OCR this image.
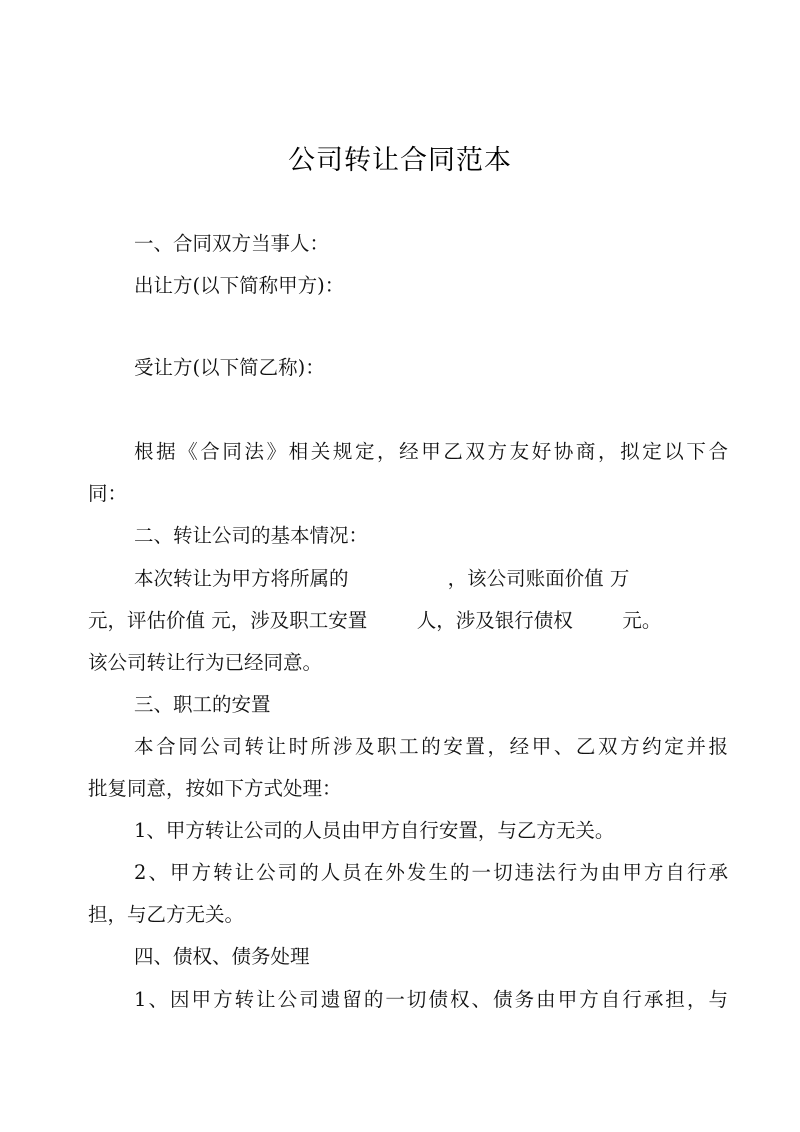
公司转让合同范本
一、合同双方当事人：
出让方(以下简称甲方)：
受让方(以下简乙称)：
根据《合同法》相关规定，经甲乙双方友好协商，拟定以下合
同：
二、转让公司的基本情况：
本次转让为甲方将所属的                ，该公司账面价值 万
元，评估价值 元，涉及职工安置        人，涉及银行债权        元。
该公司转让行为已经同意。
三、职工的安置
本合同公司转让时所涉及职工的安置，经甲、乙双方约定并报
批复同意，按如下方式处理：
1、甲方转让公司的人员由甲方自行安置，与乙方无关。
2、甲方转让公司的人员在外发生的一切违法行为由甲方自行承
担，与乙方无关。
四、债权、债务处理
1、因甲方转让公司遗留的一切债权、债务由甲方自行承担，与
